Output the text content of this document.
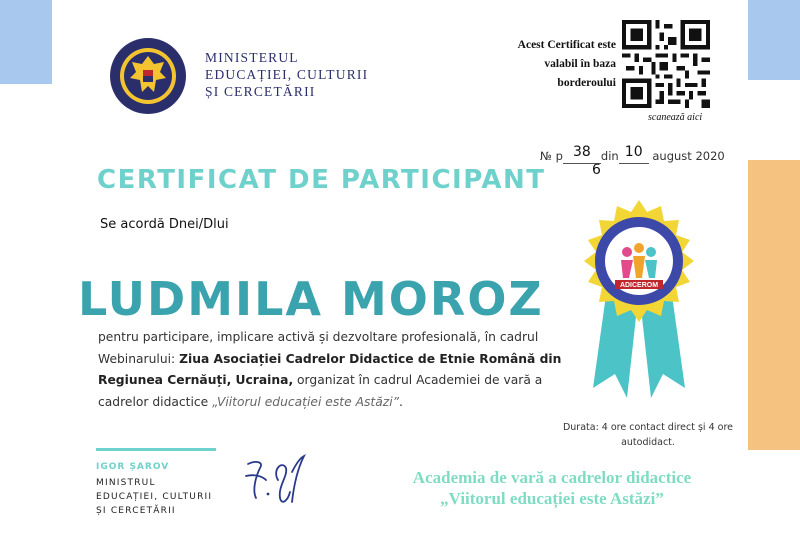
MINISTERUL
EDUCAȚIEI, CULTURII
ȘI CERCETĂRII
Acest Certificat este
valabil în baza
borderoului
scanează aici
№ p 38 din 10 august 2020
6
CERTIFICAT DE PARTICIPANT
Se acordă Dnei/Dlui
LUDMILA MOROZ
pentru participare, implicare activă și dezvoltare profesională, în cadrul Webinarului: Ziua Asociației Cadrelor Didactice de Etnie Română din Regiunea Cernăuți, Ucraina, organizat în cadrul Academiei de vară a cadrelor didactice „Viitorul educației este Astăzi”.
ADICEROM
Durata: 4 ore contact direct și 4 ore autodidact.
IGOR ȘAROV
MINISTRUL
EDUCAȚIEI, CULTURII
ȘI CERCETĂRII
Academia de vară a cadrelor didactice
„Viitorul educației este Astăzi”
